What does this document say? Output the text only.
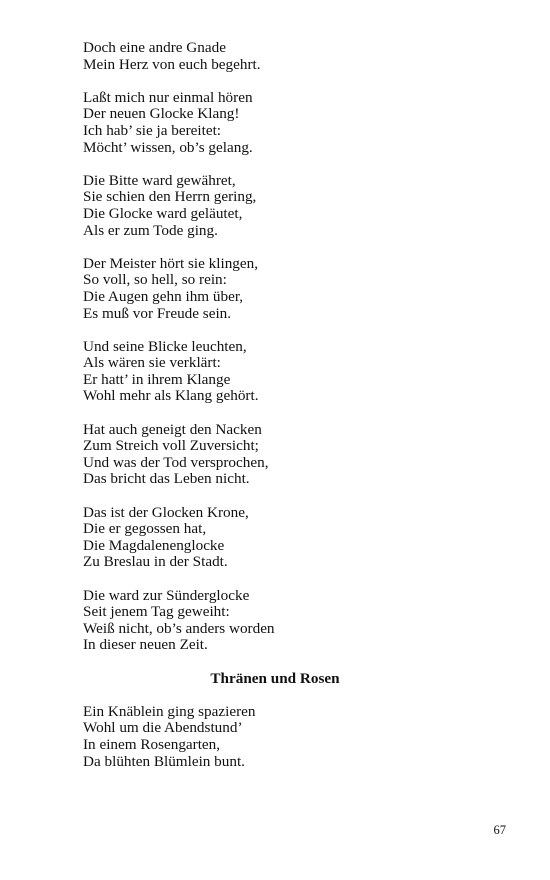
Doch eine andre Gnade
Mein Herz von euch begehrt.
Laßt mich nur einmal hören
Der neuen Glocke Klang!
Ich hab’ sie ja bereitet:
Möcht’ wissen, ob’s gelang.
Die Bitte ward gewähret,
Sie schien den Herrn gering,
Die Glocke ward geläutet,
Als er zum Tode ging.
Der Meister hört sie klingen,
So voll, so hell, so rein:
Die Augen gehn ihm über,
Es muß vor Freude sein.
Und seine Blicke leuchten,
Als wären sie verklärt:
Er hatt’ in ihrem Klange
Wohl mehr als Klang gehört.
Hat auch geneigt den Nacken
Zum Streich voll Zuversicht;
Und was der Tod versprochen,
Das bricht das Leben nicht.
Das ist der Glocken Krone,
Die er gegossen hat,
Die Magdalenenglocke
Zu Breslau in der Stadt.
Die ward zur Sünderglocke
Seit jenem Tag geweiht:
Weiß nicht, ob’s anders worden
In dieser neuen Zeit.
Thränen und Rosen
Ein Knäblein ging spazieren
Wohl um die Abendstund’
In einem Rosengarten,
Da blühten Blümlein bunt.
67
